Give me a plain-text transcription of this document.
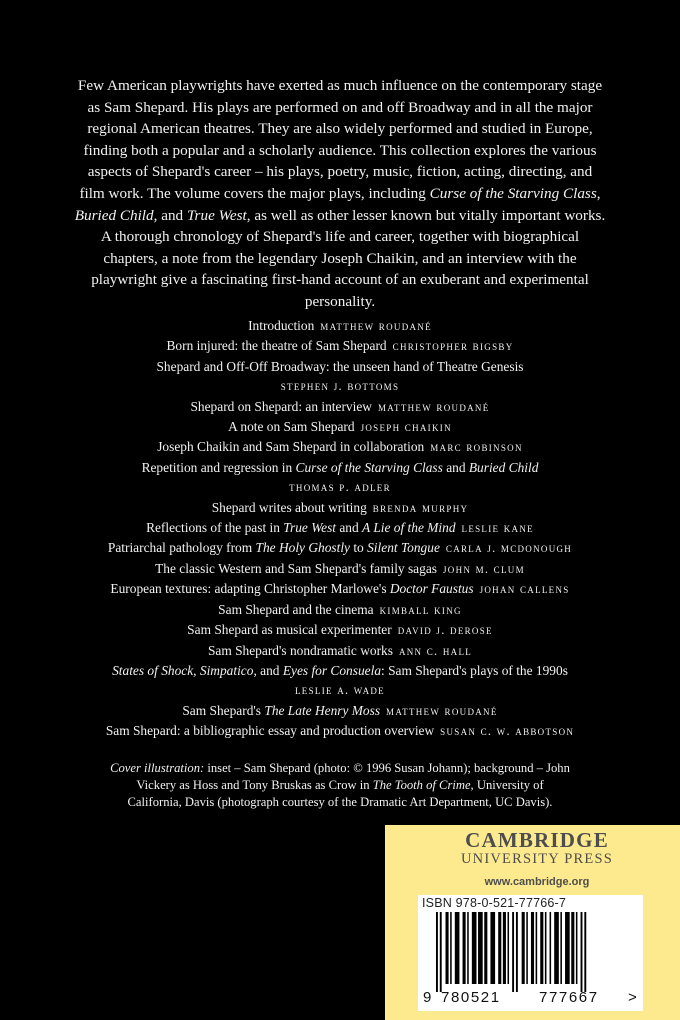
Few American playwrights have exerted as much influence on the contemporary stage as Sam Shepard. His plays are performed on and off Broadway and in all the major regional American theatres. They are also widely performed and studied in Europe, finding both a popular and a scholarly audience. This collection explores the various aspects of Shepard's career – his plays, poetry, music, fiction, acting, directing, and film work. The volume covers the major plays, including Curse of the Starving Class, Buried Child, and True West, as well as other lesser known but vitally important works. A thorough chronology of Shepard's life and career, together with biographical chapters, a note from the legendary Joseph Chaikin, and an interview with the playwright give a fascinating first-hand account of an exuberant and experimental personality.
Introduction matthew roudané
Born injured: the theatre of Sam Shepard christopher bigsby
Shepard and Off-Off Broadway: the unseen hand of Theatre Genesis
stephen j. bottoms
Shepard on Shepard: an interview matthew roudané
A note on Sam Shepard joseph chaikin
Joseph Chaikin and Sam Shepard in collaboration marc robinson
Repetition and regression in Curse of the Starving Class and Buried Child
thomas p. adler
Shepard writes about writing brenda murphy
Reflections of the past in True West and A Lie of the Mind leslie kane
Patriarchal pathology from The Holy Ghostly to Silent Tongue carla j. mcdonough
The classic Western and Sam Shepard's family sagas john m. clum
European textures: adapting Christopher Marlowe's Doctor Faustus johan callens
Sam Shepard and the cinema kimball king
Sam Shepard as musical experimenter david j. derose
Sam Shepard's nondramatic works ann c. hall
States of Shock, Simpatico, and Eyes for Consuela: Sam Shepard's plays of the 1990s
leslie a. wade
Sam Shepard's The Late Henry Moss matthew roudané
Sam Shepard: a bibliographic essay and production overview susan c. w. abbotson
Cover illustration: inset – Sam Shepard (photo: © 1996 Susan Johann); background – John Vickery as Hoss and Tony Bruskas as Crow in The Tooth of Crime, University of California, Davis (photograph courtesy of the Dramatic Art Department, UC Davis).
CAMBRIDGE
UNIVERSITY PRESS
www.cambridge.org
ISBN 978-0-521-77766-7
9 780521	777667 >
